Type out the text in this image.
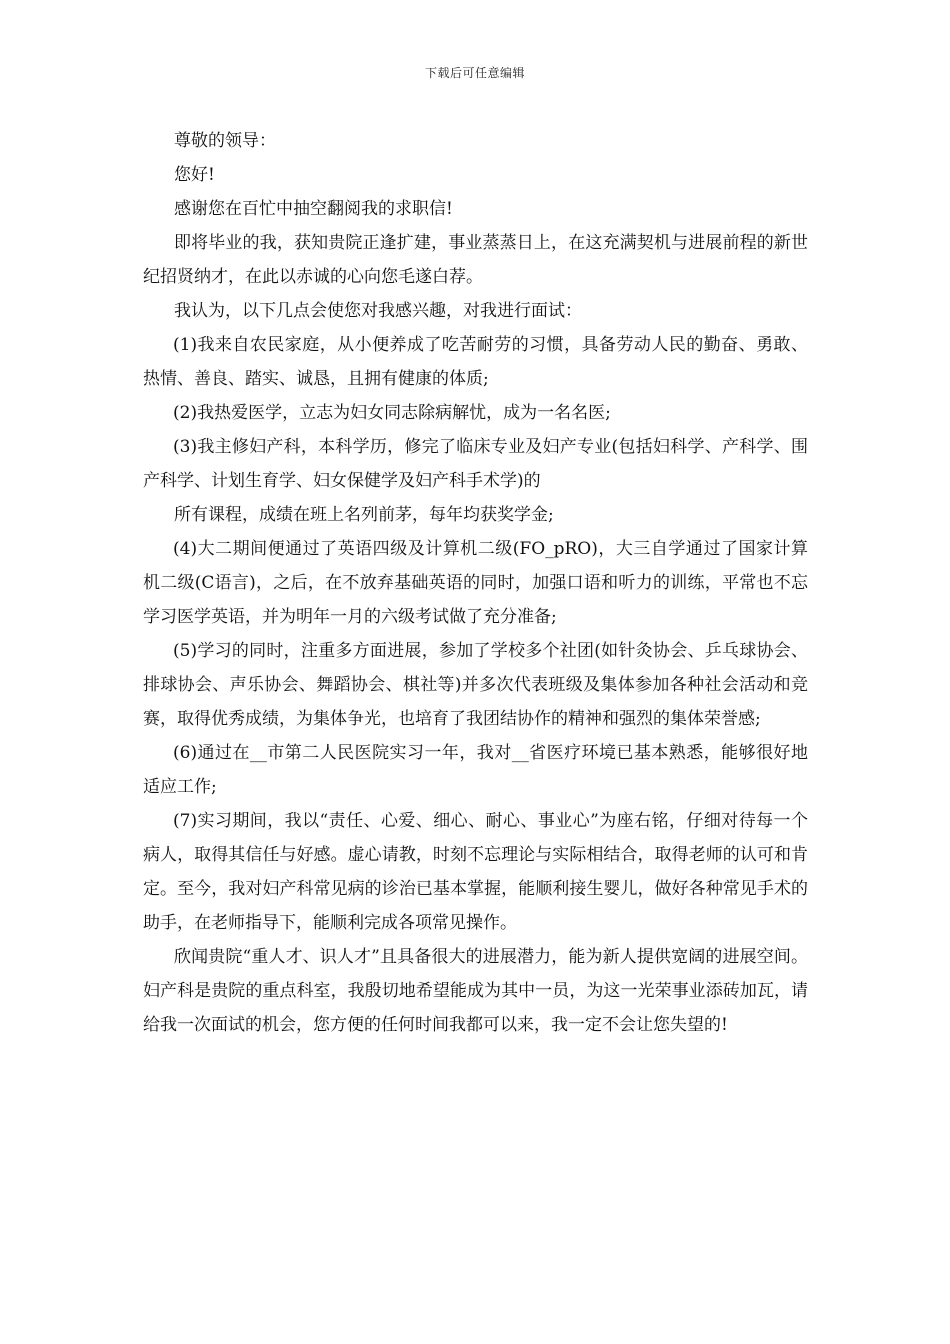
下载后可任意编辑

尊敬的领导：

您好!

感谢您在百忙中抽空翻阅我的求职信!

即将毕业的我，获知贵院正逢扩建，事业蒸蒸日上，在这充满契机与进展前程的新世纪招贤纳才，在此以赤诚的心向您毛遂白荐。

我认为，以下几点会使您对我感兴趣，对我进行面试：

(1)我来自农民家庭，从小便养成了吃苦耐劳的习惯，具备劳动人民的勤奋、勇敢、热情、善良、踏实、诚恳，且拥有健康的体质;

(2)我热爱医学，立志为妇女同志除病解忧，成为一名名医;

(3)我主修妇产科，本科学历，修完了临床专业及妇产专业(包括妇科学、产科学、围产科学、计划生育学、妇女保健学及妇产科手术学)的

所有课程，成绩在班上名列前茅，每年均获奖学金;

(4)大二期间便通过了英语四级及计算机二级(FO_pRO)，大三自学通过了国家计算机二级(C语言)，之后，在不放弃基础英语的同时，加强口语和听力的训练，平常也不忘学习医学英语，并为明年一月的六级考试做了充分准备;

(5)学习的同时，注重多方面进展，参加了学校多个社团(如针灸协会、乒乓球协会、排球协会、声乐协会、舞蹈协会、棋社等)并多次代表班级及集体参加各种社会活动和竞赛，取得优秀成绩，为集体争光，也培育了我团结协作的精神和强烈的集体荣誉感;

(6)通过在__市第二人民医院实习一年，我对__省医疗环境已基本熟悉，能够很好地适应工作;

(7)实习期间，我以“责任、心爱、细心、耐心、事业心”为座右铭，仔细对待每一个病人，取得其信任与好感。虚心请教，时刻不忘理论与实际相结合，取得老师的认可和肯定。至今，我对妇产科常见病的诊治已基本掌握，能顺利接生婴儿，做好各种常见手术的助手，在老师指导下，能顺利完成各项常见操作。

欣闻贵院“重人才、识人才”且具备很大的进展潜力，能为新人提供宽阔的进展空间。妇产科是贵院的重点科室，我殷切地希望能成为其中一员，为这一光荣事业添砖加瓦，请给我一次面试的机会，您方便的任何时间我都可以来，我一定不会让您失望的!
